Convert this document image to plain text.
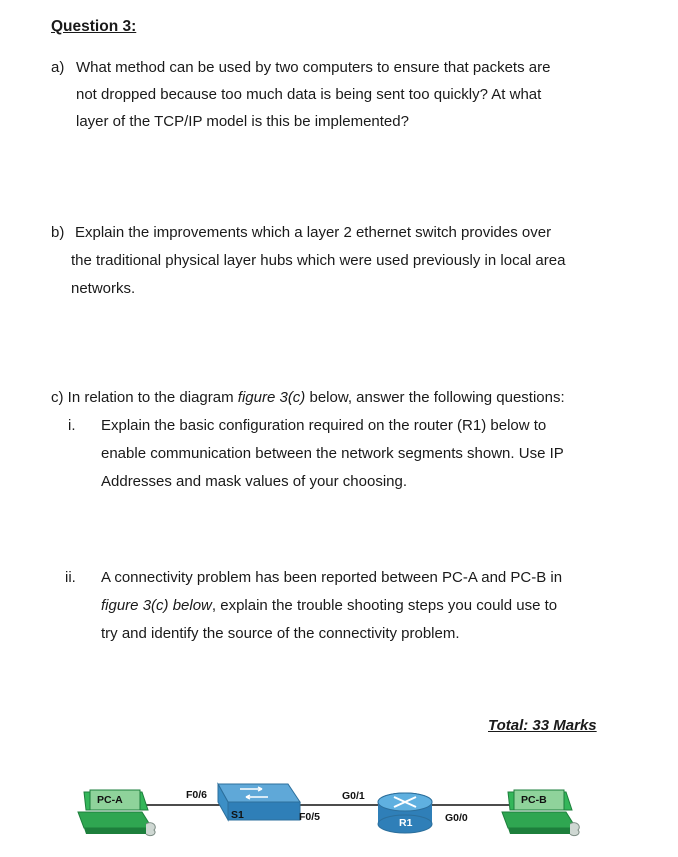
Question 3:
a) What method can be used by two computers to ensure that packets are
not dropped because too much data is being sent too quickly? At what
layer of the TCP/IP model is this be implemented?
b) Explain the improvements which a layer 2 ethernet switch provides over
the traditional physical layer hubs which were used previously in local area
networks.
c) In relation to the diagram figure 3(c) below, answer the following questions:
i. Explain the basic configuration required on the router (R1) below to
enable communication between the network segments shown. Use IP
Addresses and mask values of your choosing.
ii. A connectivity problem has been reported between PC-A and PC-B in
figure 3(c) below, explain the trouble shooting steps you could use to
try and identify the source of the connectivity problem.
Total: 33 Marks
PC-A	PC-B
S1
R1
F0/6
F0/5
G0/1
G0/0
